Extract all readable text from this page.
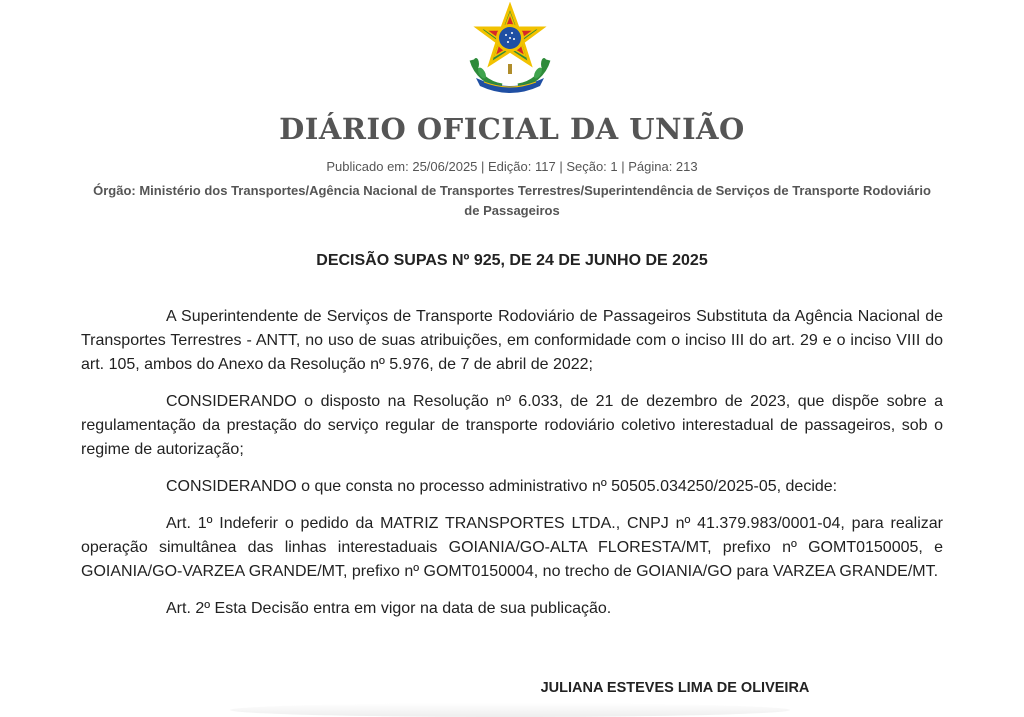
DIÁRIO OFICIAL DA UNIÃO

Publicado em: 25/06/2025 | Edição: 117 | Seção: 1 | Página: 213

Órgão: Ministério dos Transportes/Agência Nacional de Transportes Terrestres/Superintendência de Serviços de Transporte Rodoviário de Passageiros

DECISÃO SUPAS Nº 925, DE 24 DE JUNHO DE 2025

A Superintendente de Serviços de Transporte Rodoviário de Passageiros Substituta da Agência Nacional de Transportes Terrestres - ANTT, no uso de suas atribuições, em conformidade com o inciso III do art. 29 e o inciso VIII do art. 105, ambos do Anexo da Resolução nº 5.976, de 7 de abril de 2022;

CONSIDERANDO o disposto na Resolução nº 6.033, de 21 de dezembro de 2023, que dispõe sobre a regulamentação da prestação do serviço regular de transporte rodoviário coletivo interestadual de passageiros, sob o regime de autorização;

CONSIDERANDO o que consta no processo administrativo nº 50505.034250/2025-05, decide:

Art. 1º Indeferir o pedido da MATRIZ TRANSPORTES LTDA., CNPJ nº 41.379.983/0001-04, para realizar operação simultânea das linhas interestaduais GOIANIA/GO-ALTA FLORESTA/MT, prefixo nº GOMT0150005, e GOIANIA/GO-VARZEA GRANDE/MT, prefixo nº GOMT0150004, no trecho de GOIANIA/GO para VARZEA GRANDE/MT.

Art. 2º Esta Decisão entra em vigor na data de sua publicação.

JULIANA ESTEVES LIMA DE OLIVEIRA
